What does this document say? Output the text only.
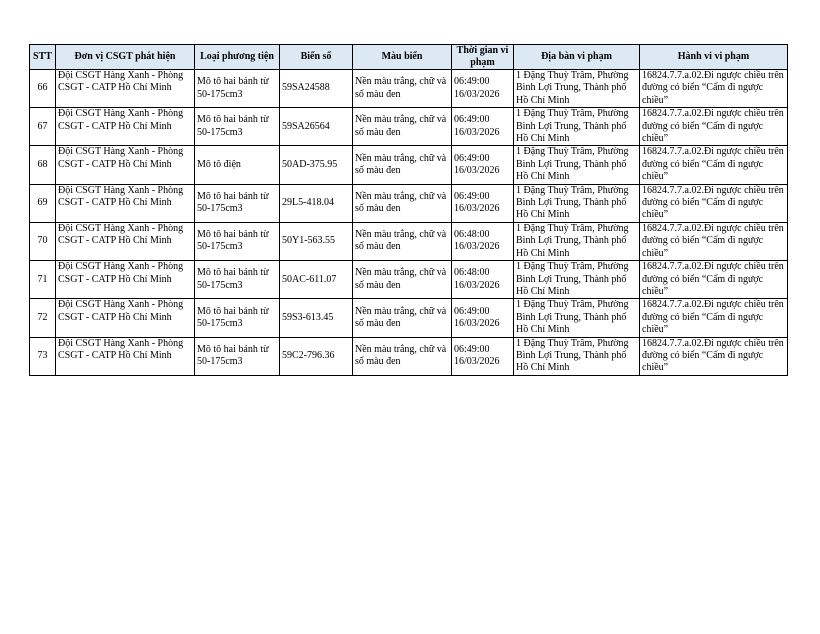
STT	Đơn vị CSGT phát hiện	Loại phương tiện	Biển số	Màu biển	Thời gian vi phạm	Địa bàn vi phạm	Hành vi vi phạm
66	Đội CSGT Hàng Xanh - Phòng CSGT - CATP Hồ Chí Minh	Mô tô hai bánh từ 50-175cm3	59SA24588	Nền màu trắng, chữ và số màu đen	06:49:00 16/03/2026	1 Đặng Thuỳ Trâm, Phường Bình Lợi Trung, Thành phố Hồ Chí Minh	16824.7.7.a.02.Đi ngược chiều trên đường có biển “Cấm đi ngược chiều”
67	Đội CSGT Hàng Xanh - Phòng CSGT - CATP Hồ Chí Minh	Mô tô hai bánh từ 50-175cm3	59SA26564	Nền màu trắng, chữ và số màu đen	06:49:00 16/03/2026	1 Đặng Thuỳ Trâm, Phường Bình Lợi Trung, Thành phố Hồ Chí Minh	16824.7.7.a.02.Đi ngược chiều trên đường có biển “Cấm đi ngược chiều”
68	Đội CSGT Hàng Xanh - Phòng CSGT - CATP Hồ Chí Minh	Mô tô điện	50AD-375.95	Nền màu trắng, chữ và số màu đen	06:49:00 16/03/2026	1 Đặng Thuỳ Trâm, Phường Bình Lợi Trung, Thành phố Hồ Chí Minh	16824.7.7.a.02.Đi ngược chiều trên đường có biển “Cấm đi ngược chiều”
69	Đội CSGT Hàng Xanh - Phòng CSGT - CATP Hồ Chí Minh	Mô tô hai bánh từ 50-175cm3	29L5-418.04	Nền màu trắng, chữ và số màu đen	06:49:00 16/03/2026	1 Đặng Thuỳ Trâm, Phường Bình Lợi Trung, Thành phố Hồ Chí Minh	16824.7.7.a.02.Đi ngược chiều trên đường có biển “Cấm đi ngược chiều”
70	Đội CSGT Hàng Xanh - Phòng CSGT - CATP Hồ Chí Minh	Mô tô hai bánh từ 50-175cm3	50Y1-563.55	Nền màu trắng, chữ và số màu đen	06:48:00 16/03/2026	1 Đặng Thuỳ Trâm, Phường Bình Lợi Trung, Thành phố Hồ Chí Minh	16824.7.7.a.02.Đi ngược chiều trên đường có biển “Cấm đi ngược chiều”
71	Đội CSGT Hàng Xanh - Phòng CSGT - CATP Hồ Chí Minh	Mô tô hai bánh từ 50-175cm3	50AC-611.07	Nền màu trắng, chữ và số màu đen	06:48:00 16/03/2026	1 Đặng Thuỳ Trâm, Phường Bình Lợi Trung, Thành phố Hồ Chí Minh	16824.7.7.a.02.Đi ngược chiều trên đường có biển “Cấm đi ngược chiều”
72	Đội CSGT Hàng Xanh - Phòng CSGT - CATP Hồ Chí Minh	Mô tô hai bánh từ 50-175cm3	59S3-613.45	Nền màu trắng, chữ và số màu đen	06:49:00 16/03/2026	1 Đặng Thuỳ Trâm, Phường Bình Lợi Trung, Thành phố Hồ Chí Minh	16824.7.7.a.02.Đi ngược chiều trên đường có biển “Cấm đi ngược chiều”
73	Đội CSGT Hàng Xanh - Phòng CSGT - CATP Hồ Chí Minh	Mô tô hai bánh từ 50-175cm3	59C2-796.36	Nền màu trắng, chữ và số màu đen	06:49:00 16/03/2026	1 Đặng Thuỳ Trâm, Phường Bình Lợi Trung, Thành phố Hồ Chí Minh	16824.7.7.a.02.Đi ngược chiều trên đường có biển “Cấm đi ngược chiều”
